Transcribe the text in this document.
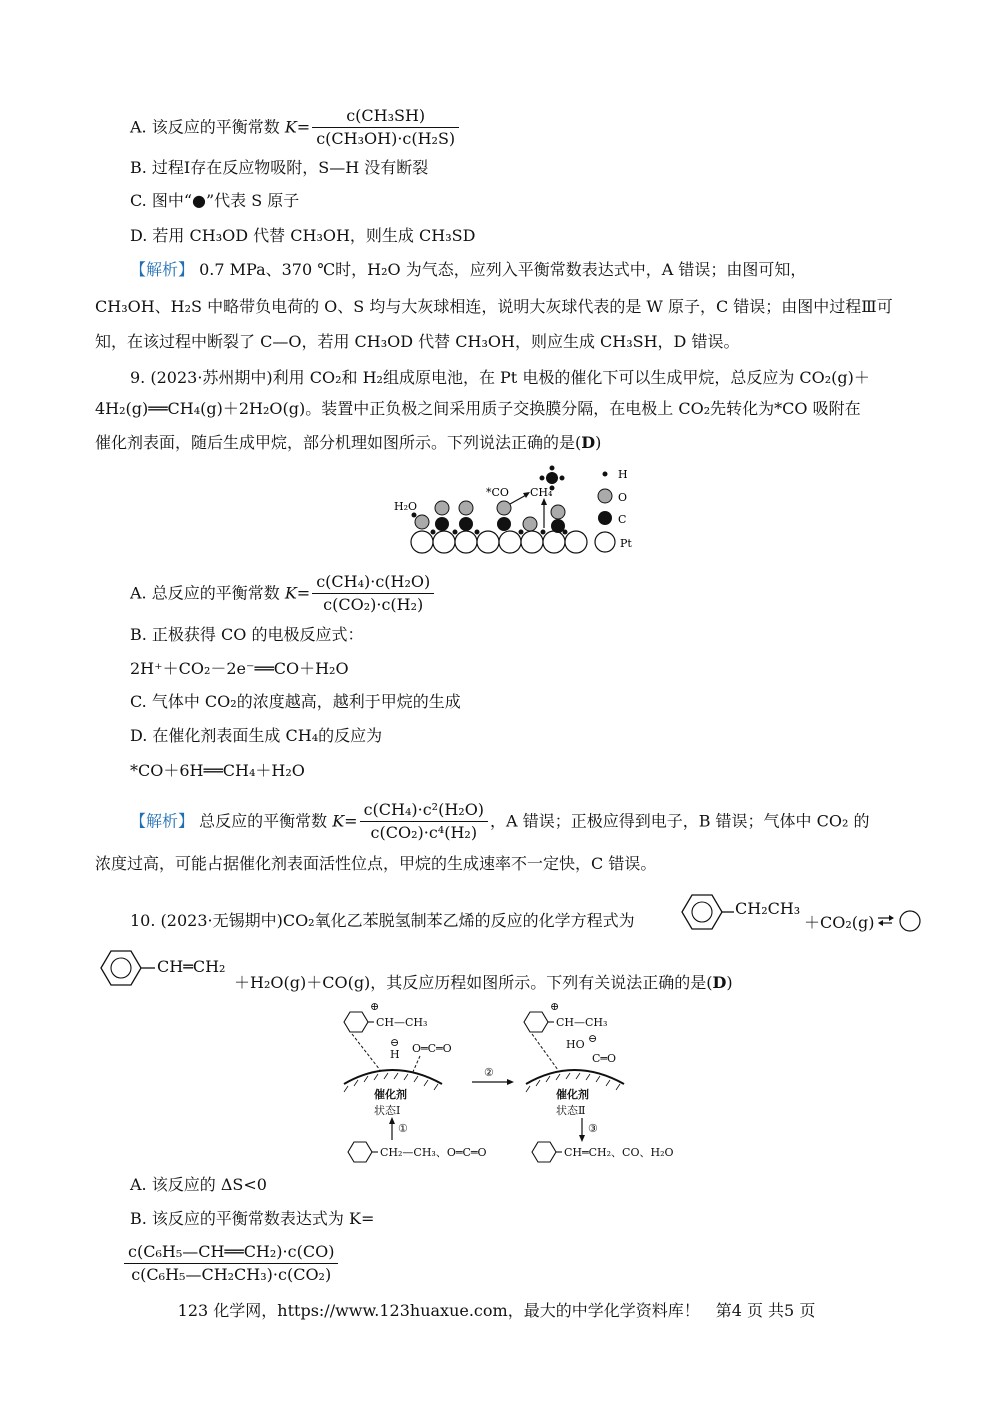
A. 该反应的平衡常数 $K= \frac{\text{c(CH₃SH)}}{\text{c(CH₃OH)·c(H₂S)}}$
B. 过程Ⅰ存在反应物吸附，S—H 没有断裂
C. 图中“●”代表 S 原子
D. 若用 CH₃OD 代替 CH₃OH，则生成 CH₃SD
【解析】 0.7 MPa、370 ℃时，H₂O 为气态，应列入平衡常数表达式中，A 错误；由图可知，
CH₃OH、H₂S 中略带负电荷的 O、S 均与大灰球相连，说明大灰球代表的是 W 原子，C 错误；由图中过程Ⅲ可
知，在该过程中断裂了 C—O，若用 CH₃OD 代替 CH₃OH，则应生成 CH₃SH，D 错误。
9. (2023·苏州期中)利用 CO₂和 H₂组成原电池，在 Pt 电极的催化下可以生成甲烷，总反应为 CO₂(g)＋
4H₂(g)══CH₄(g)＋2H₂O(g)。装置中正负极之间采用质子交换膜分隔，在电极上 CO₂先转化为*CO 吸附在
催化剂表面，随后生成甲烷，部分机理如图所示。下列说法正确的是(D)
H₂O
*CO CH₄
H
O
C
Pt
A. 总反应的平衡常数 $K= \frac{\text{c(CH₄)·c(H₂O)}}{\text{c(CO₂)·c(H₂)}}$
B. 正极获得 CO 的电极反应式：
2H⁺＋CO₂－2e⁻══CO＋H₂O
C. 气体中 CO₂的浓度越高，越利于甲烷的生成
D. 在催化剂表面生成 CH₄的反应为
*CO＋6H══CH₄＋H₂O
【解析】 总反应的平衡常数 $K= \frac{\text{c(CH₄)·c²(H₂O)}}{\text{c(CO₂)·c⁴(H₂)}}$ ，A 错误；正极应得到电子，B 错误；气体中 CO₂ 的
浓度过高，可能占据催化剂表面活性位点，甲烷的生成速率不一定快，C 错误。
10. (2023·无锡期中)CO₂氧化乙苯脱氢制苯乙烯的反应的化学方程式为
CH₂CH₃
＋CO₂(g) ⇌
CH═CH₂
＋H₂O(g)＋CO(g)，其反应历程如图所示。下列有关说法正确的是(D)
⊕
CH—CH₃
⊖
H O═C═O
催化剂
状态Ⅰ
②
⊕
CH—CH₃
HO ⊖
C═O
催化剂
状态Ⅱ
①	③
CH₂—CH₃、O═C═O	CH═CH₂、CO、H₂O
A. 该反应的 ΔS<0
B. 该反应的平衡常数表达式为 K=
$\frac{\text{c(C₆H₅—CH══CH₂)·c(CO)}}{\text{c(C₆H₅—CH₂CH₃)·c(CO₂)}}$
123 化学网，https://www.123huaxue.com，最大的中学化学资料库！　第4 页 共5 页
